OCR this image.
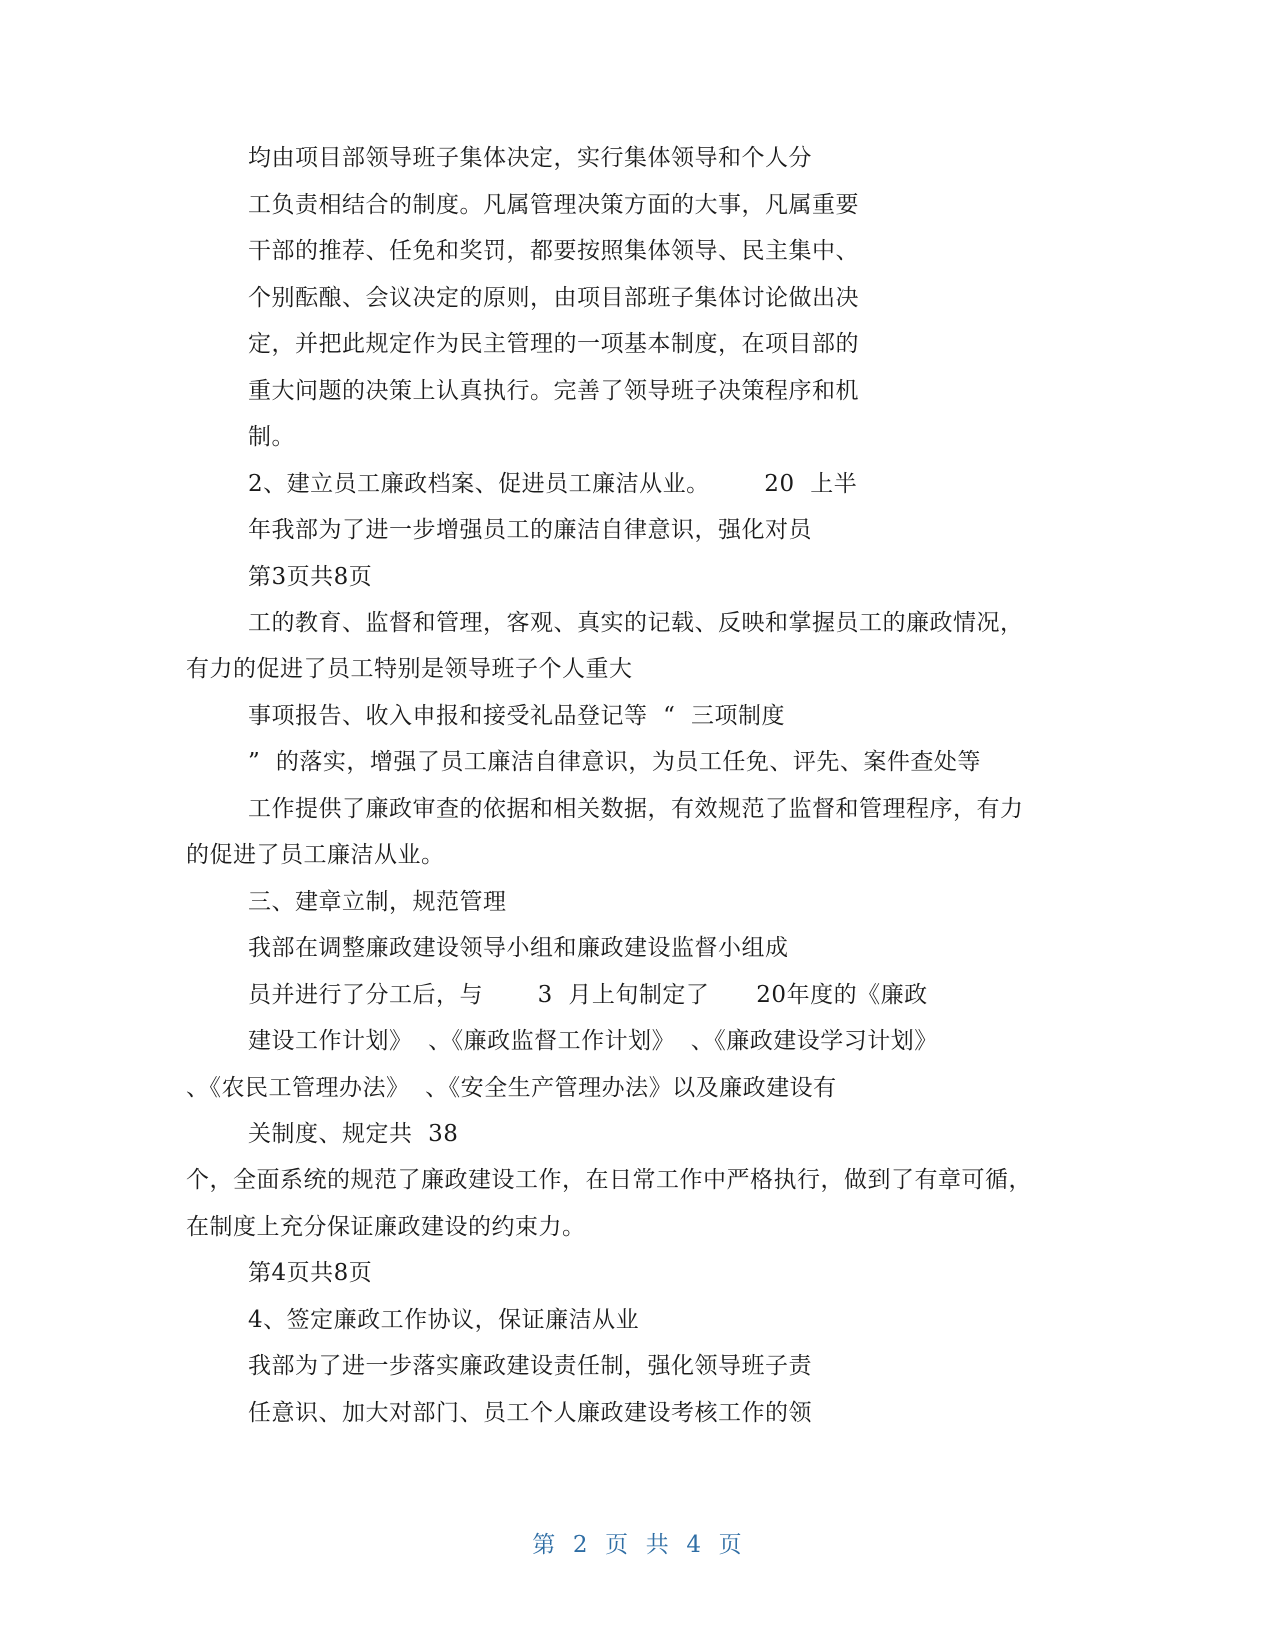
均由项目部领导班子集体决定，实行集体领导和个人分
工负责相结合的制度。凡属管理决策方面的大事，凡属重要
干部的推荐、任免和奖罚，都要按照集体领导、民主集中、
个别酝酿、会议决定的原则，由项目部班子集体讨论做出决
定，并把此规定作为民主管理的一项基本制度，在项目部的
重大问题的决策上认真执行。完善了领导班子决策程序和机
制。
2、建立员工廉政档案、促进员工廉洁从业。       20  上半
年我部为了进一步增强员工的廉洁自律意识，强化对员
第3页共8页
工的教育、监督和管理，客观、真实的记载、反映和掌握员工的廉政情况，
有力的促进了员工特别是领导班子个人重大
事项报告、收入申报和接受礼品登记等  “  三项制度
”  的落实，增强了员工廉洁自律意识，为员工任免、评先、案件查处等
工作提供了廉政审查的依据和相关数据，有效规范了监督和管理程序，有力
的促进了员工廉洁从业。
三、建章立制，规范管理
我部在调整廉政建设领导小组和廉政建设监督小组成
员并进行了分工后，与       3  月上旬制定了      20年度的《廉政
建设工作计划》  、《廉政监督工作计划》  、《廉政建设学习计划》
、《农民工管理办法》  、《安全生产管理办法》以及廉政建设有
关制度、规定共  38
个，全面系统的规范了廉政建设工作，在日常工作中严格执行，做到了有章可循，
在制度上充分保证廉政建设的约束力。
第4页共8页
4、签定廉政工作协议，保证廉洁从业
我部为了进一步落实廉政建设责任制，强化领导班子责
任意识、加大对部门、员工个人廉政建设考核工作的领
第  2  页  共  4  页
